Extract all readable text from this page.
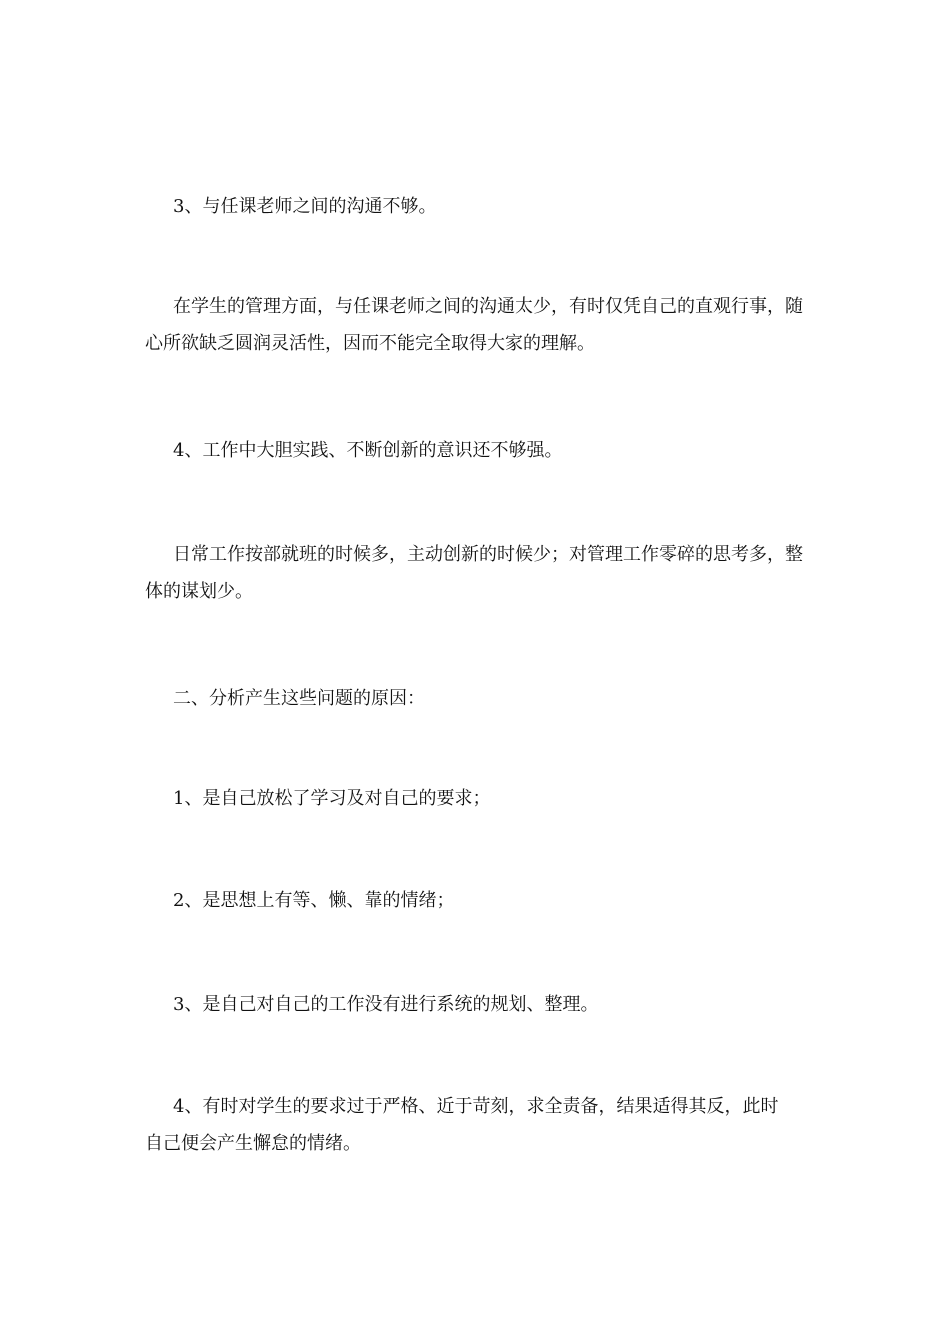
3、与任课老师之间的沟通不够。

在学生的管理方面，与任课老师之间的沟通太少，有时仅凭自己的直观行事，随心所欲缺乏圆润灵活性，因而不能完全取得大家的理解。

4、工作中大胆实践、不断创新的意识还不够强。

日常工作按部就班的时候多，主动创新的时候少；对管理工作零碎的思考多，整体的谋划少。

二、分析产生这些问题的原因：

1、是自己放松了学习及对自己的要求；

2、是思想上有等、懒、靠的情绪；

3、是自己对自己的工作没有进行系统的规划、整理。

4、有时对学生的要求过于严格、近于苛刻，求全责备，结果适得其反，此时自己便会产生懈怠的情绪。
